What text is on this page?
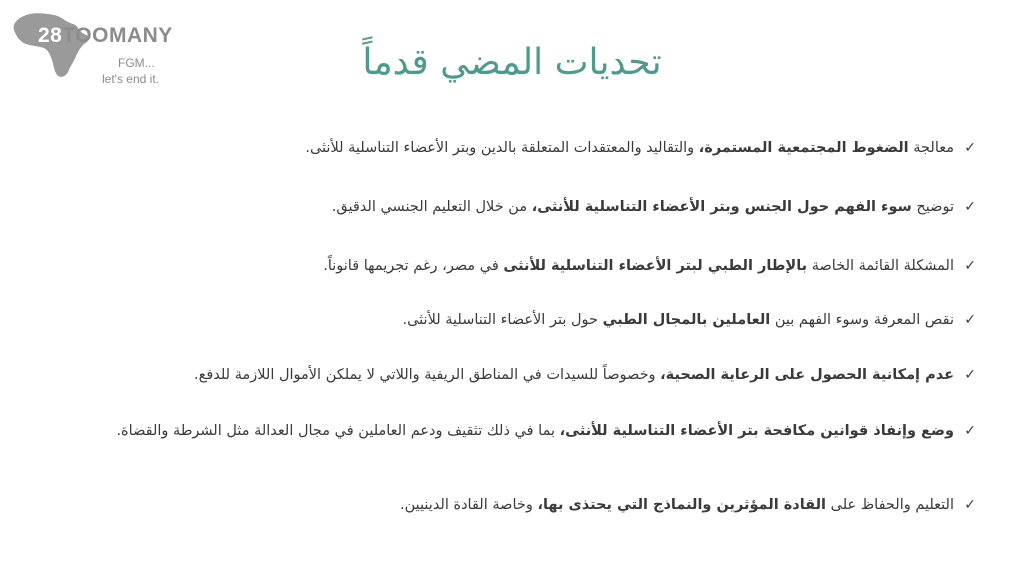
28TOOMANY
FGM...
let's end it.	تحديات المضي قدماً
✓
معالجة الضغوط المجتمعية المستمرة، والتقاليد والمعتقدات المتعلقة بالدين وبتر الأعضاء التناسلية للأنثى.
✓
توضيح سوء الفهم حول الجنس وبتر الأعضاء التناسلية للأنثى، من خلال التعليم الجنسي الدقيق.
✓
المشكلة القائمة الخاصة بالإطار الطبي لبتر الأعضاء التناسلية للأنثى في مصر، رغم تجريمها قانوناً.
✓
نقص المعرفة وسوء الفهم بين العاملين بالمجال الطبي حول بتر الأعضاء التناسلية للأنثى.
✓
عدم إمكانية الحصول على الرعاية الصحية، وخصوصاً للسيدات في المناطق الريفية واللاتي لا يملكن الأموال اللازمة للدفع.
✓
وضع وإنفاذ قوانين مكافحة بتر الأعضاء التناسلية للأنثى، بما في ذلك تثقيف ودعم العاملين في مجال العدالة مثل الشرطة والقضاة.
✓
التعليم والحفاظ على القادة المؤثرين والنماذج التي يحتذى بها، وخاصة القادة الدينيين.
